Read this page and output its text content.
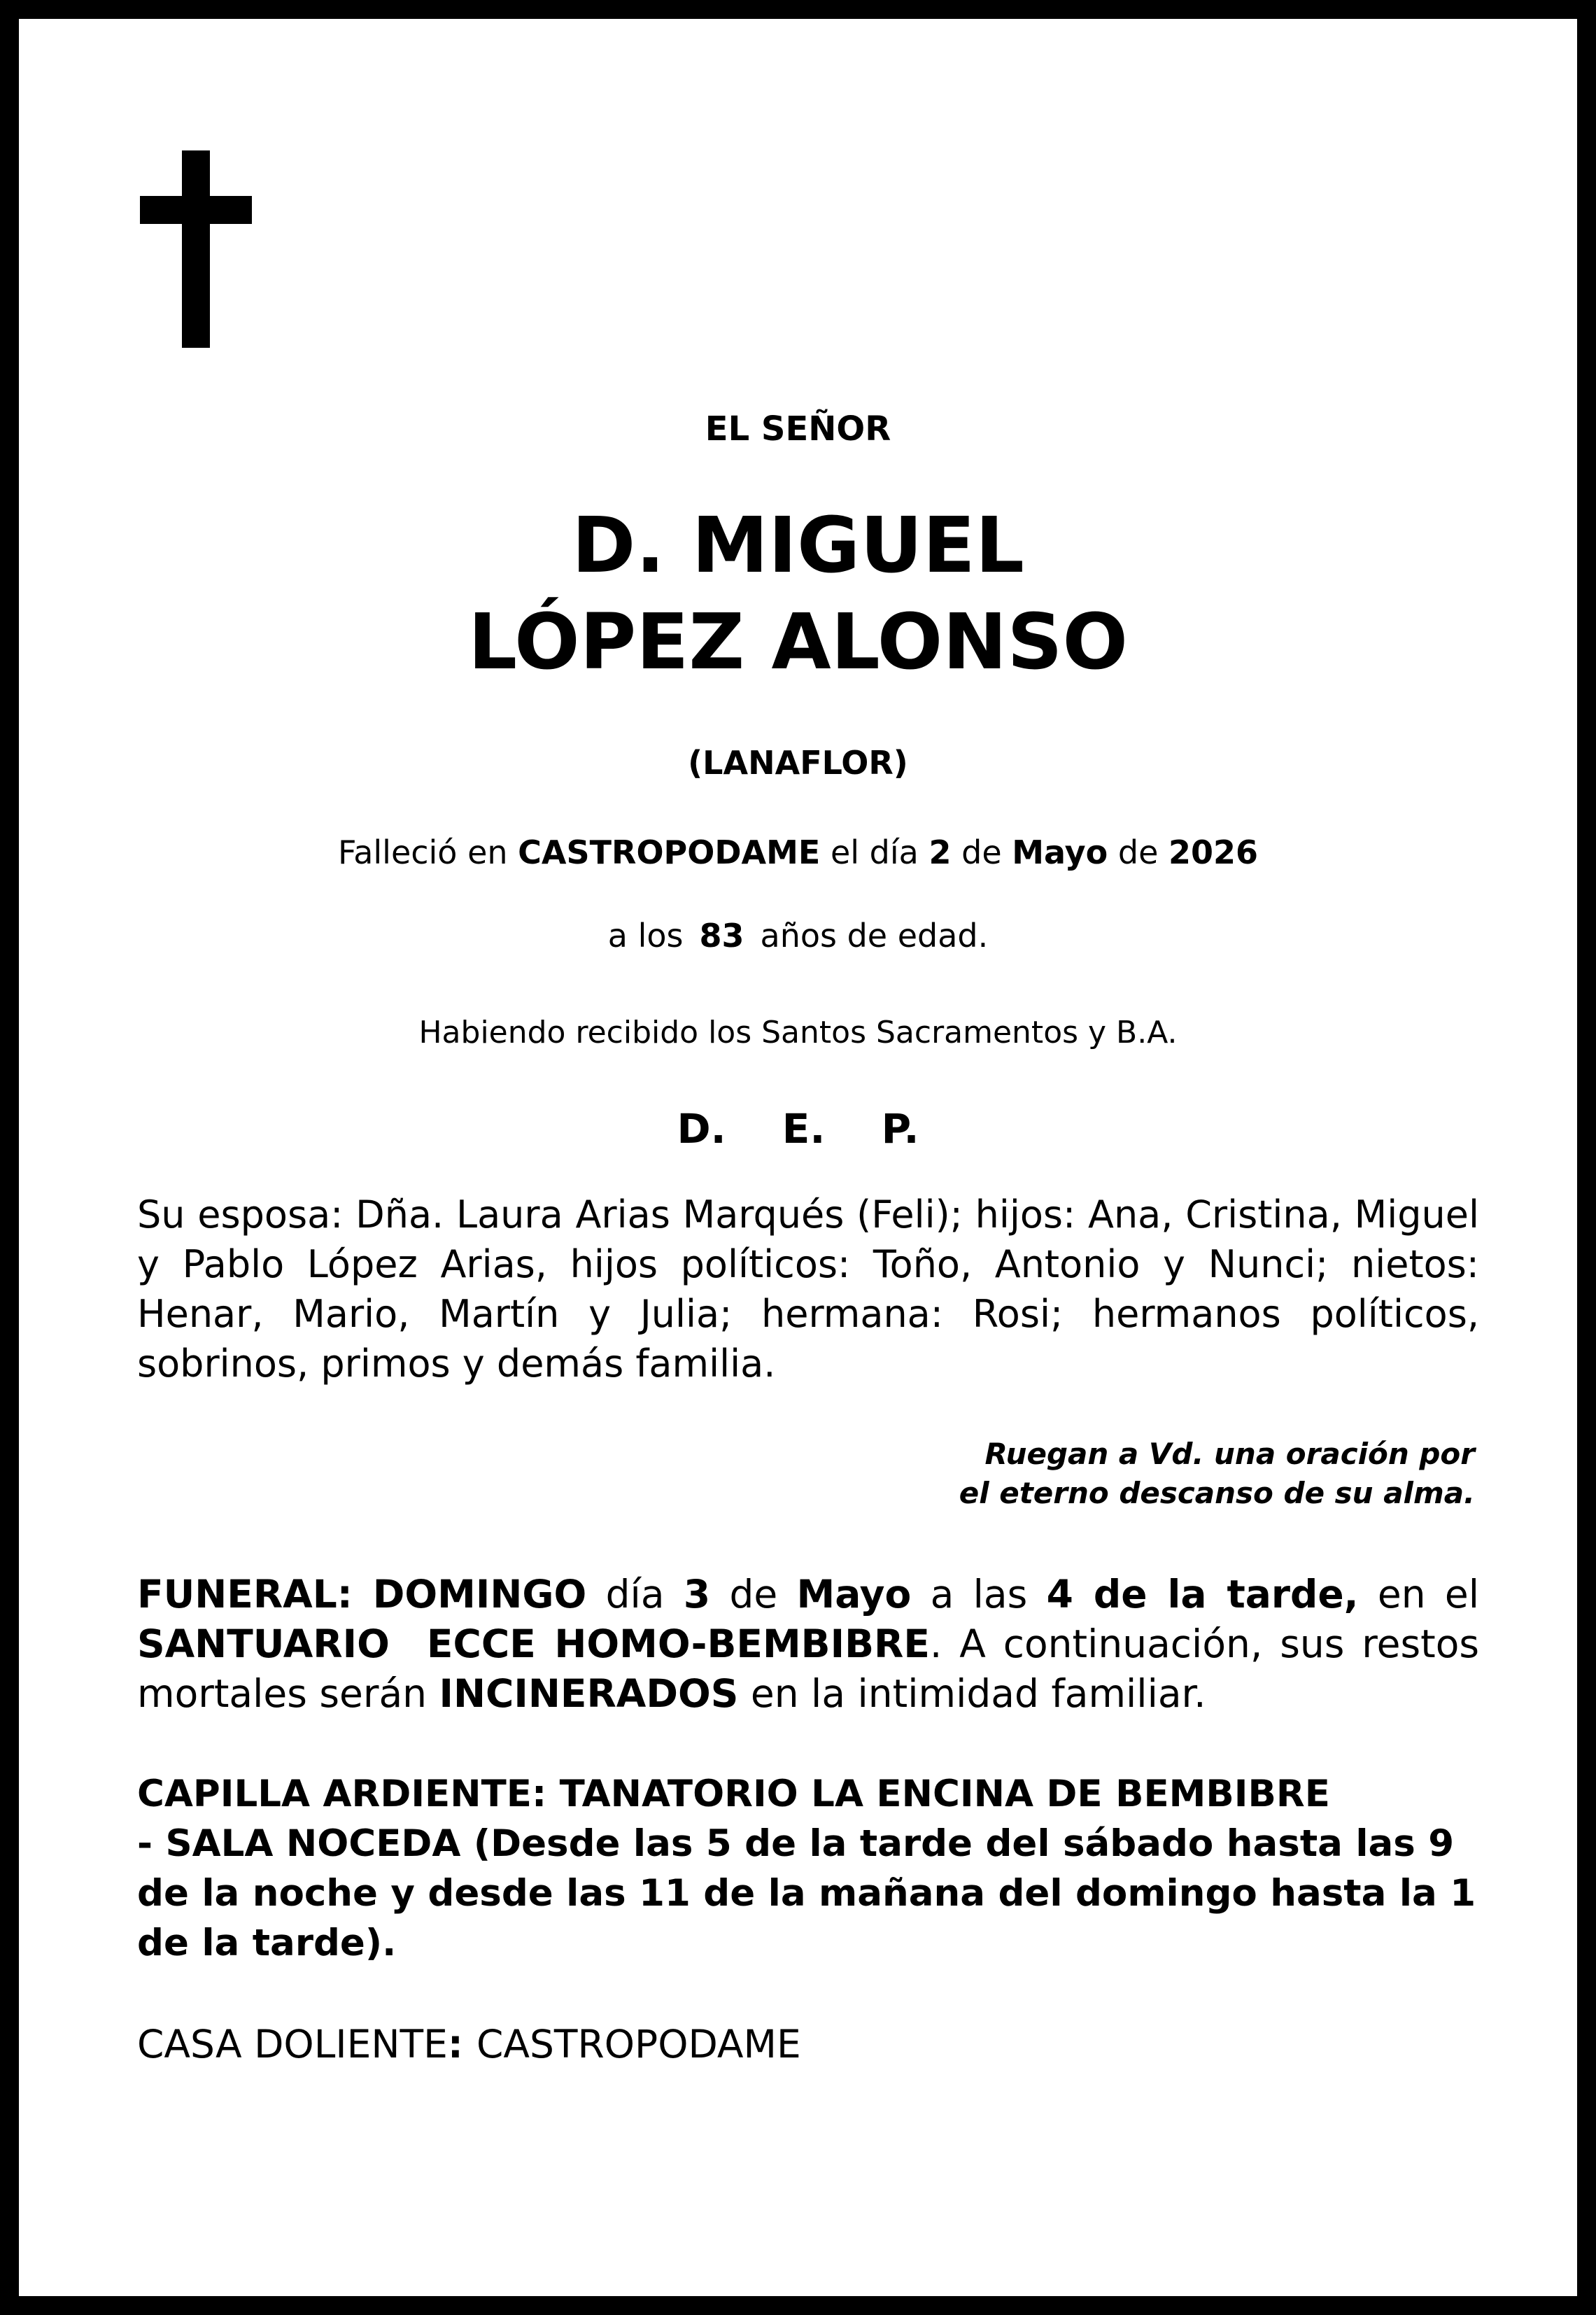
EL SEÑOR
D. MIGUEL
LÓPEZ ALONSO
(LANAFLOR)
Falleció en CASTROPODAME el día 2 de Mayo de 2026
a los 83 años de edad.
Habiendo recibido los Santos Sacramentos y B.A.
D. E. P.
Su esposa: Dña. Laura Arias Marqués (Feli); hijos: Ana, Cristina, Miguel y Pablo López Arias, hijos políticos: Toño, Antonio y Nunci; nietos: Henar, Mario, Martín y Julia; hermana: Rosi; hermanos políticos, sobrinos, primos y demás familia.
Ruegan a Vd. una oración por
el eterno descanso de su alma.
FUNERAL: DOMINGO día 3 de Mayo a las 4 de la tarde, en el SANTUARIO  ECCE HOMO-BEMBIBRE. A continuación, sus restos mortales serán INCINERADOS en la intimidad familiar.
CAPILLA ARDIENTE: TANATORIO LA ENCINA DE BEMBIBRE
- SALA NOCEDA (Desde las 5 de la tarde del sábado hasta las 9 de la noche y desde las 11 de la mañana del domingo hasta la 1 de la tarde).
CASA DOLIENTE: CASTROPODAME
